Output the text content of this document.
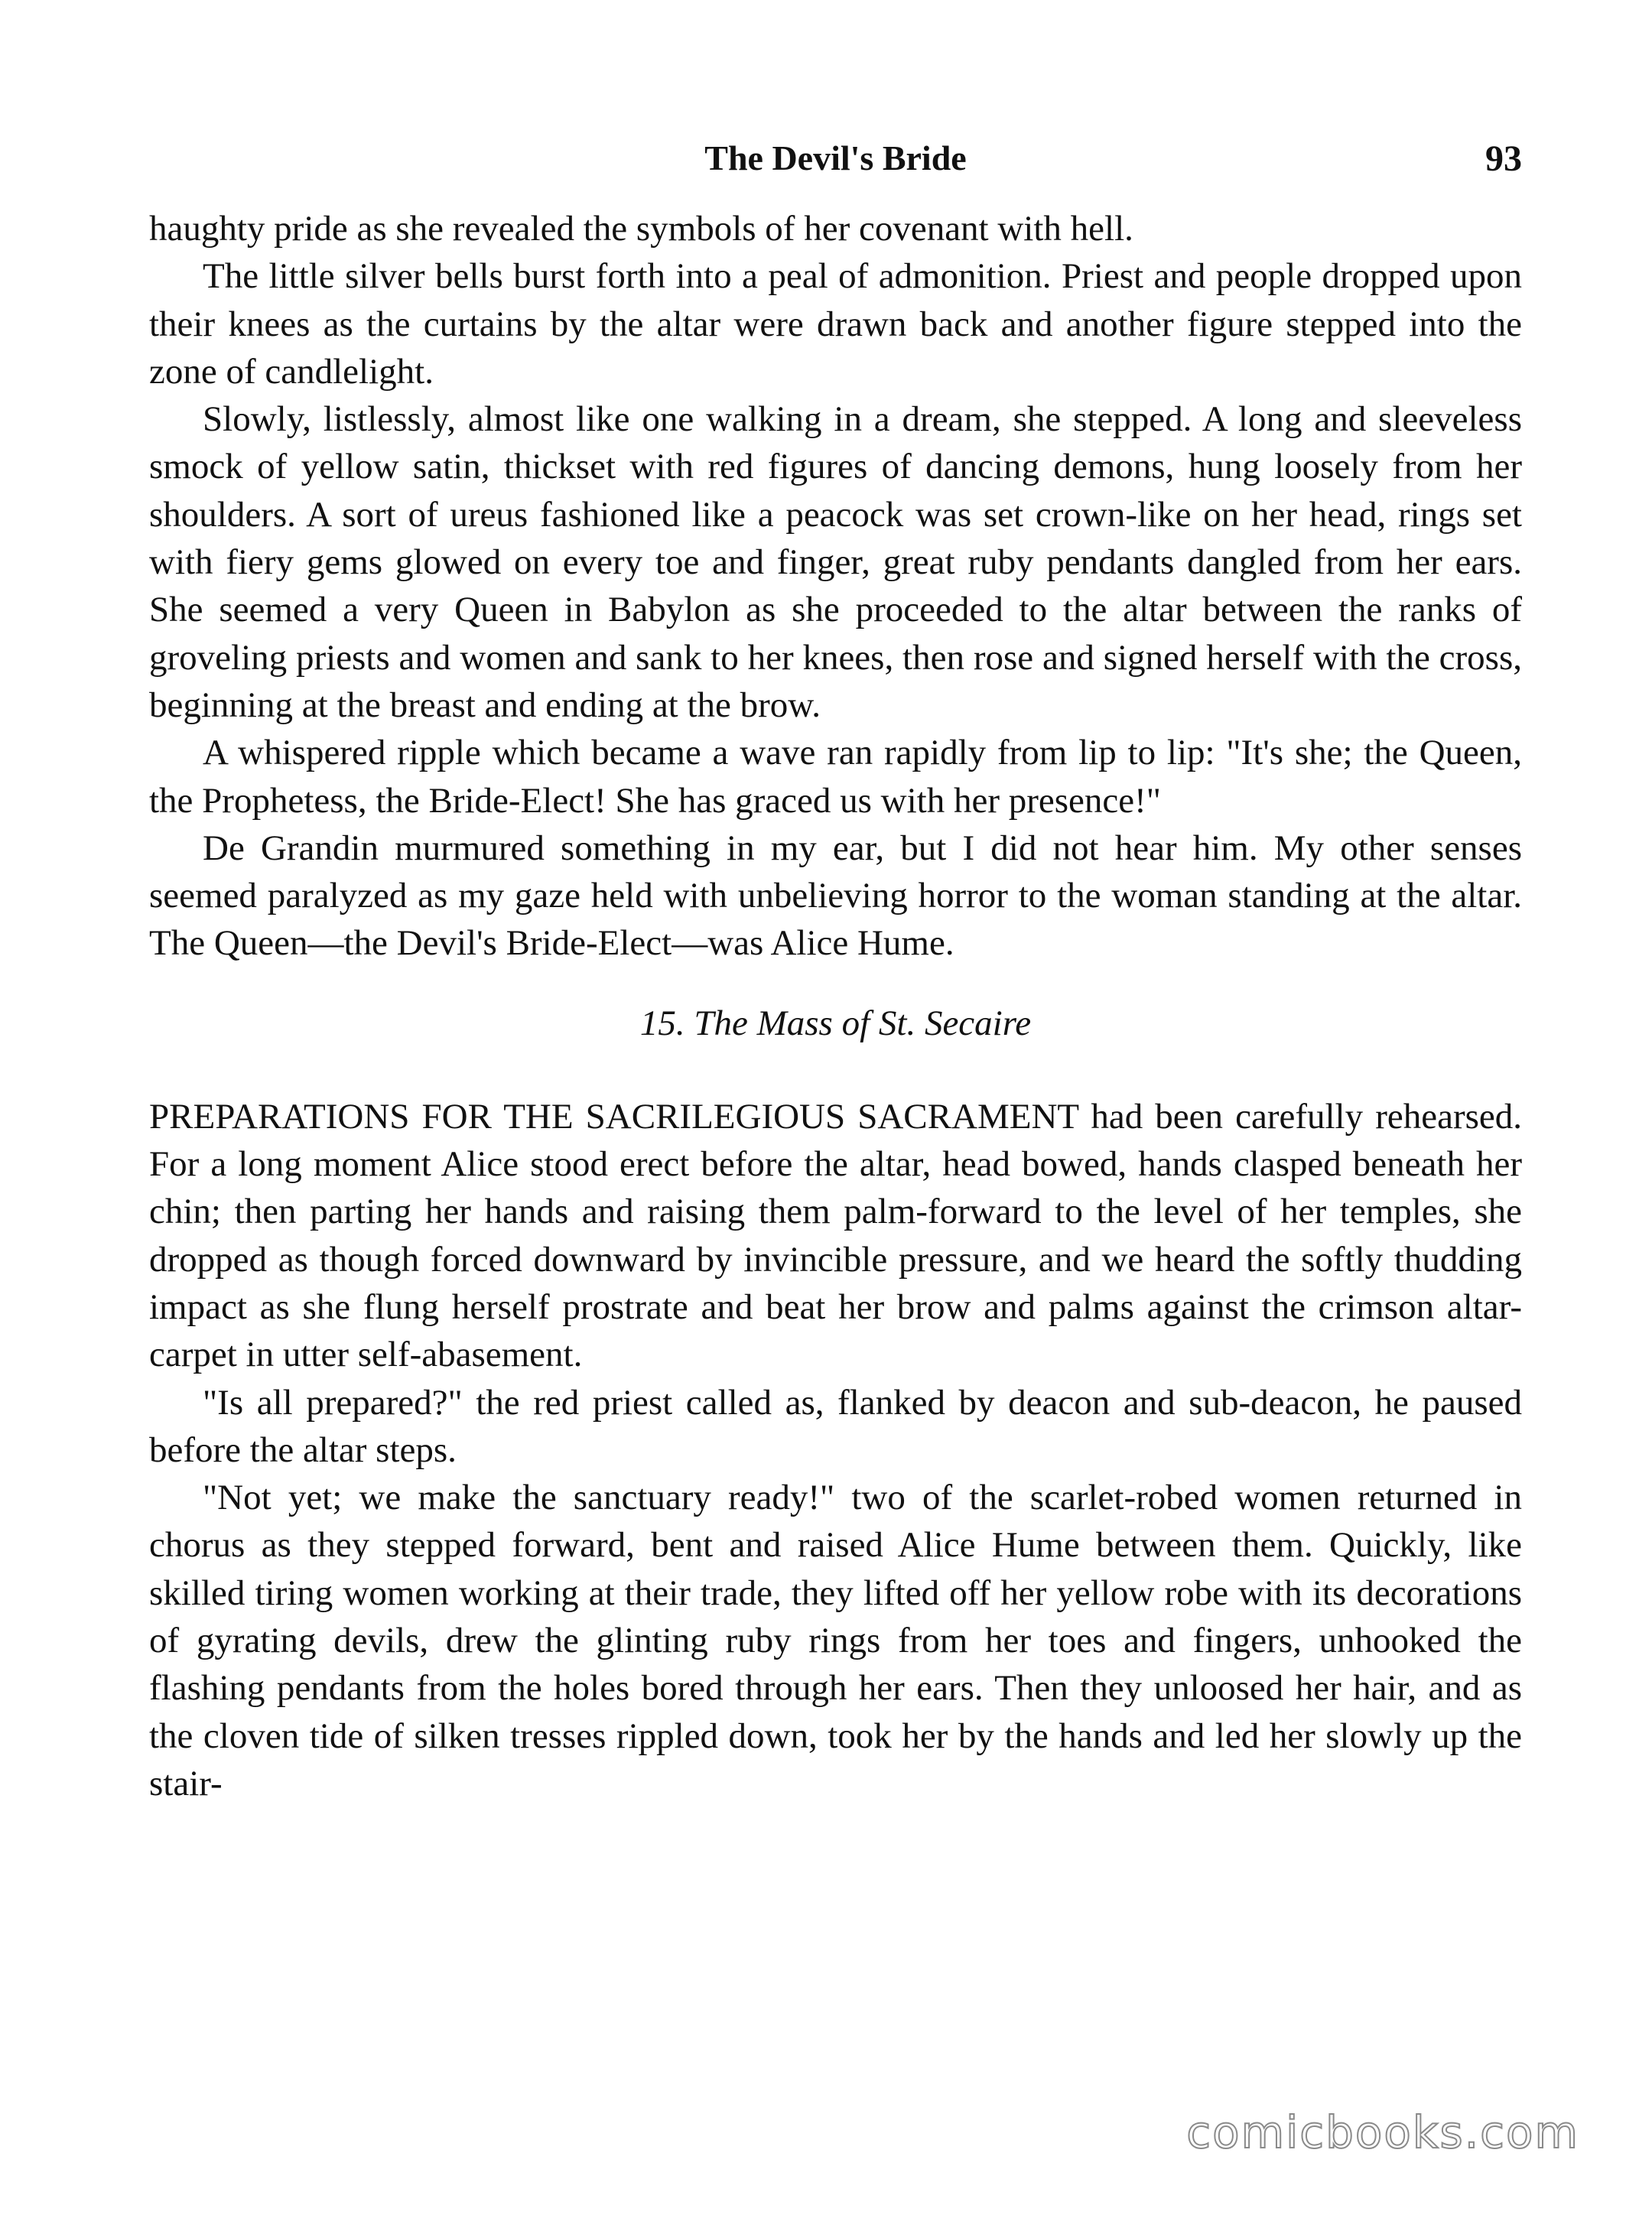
The Devil's Bride	93

haughty pride as she revealed the symbols of her covenant with hell.

The little silver bells burst forth into a peal of admonition. Priest and people dropped upon their knees as the curtains by the altar were drawn back and another figure stepped into the zone of candlelight.

Slowly, listlessly, almost like one walking in a dream, she stepped. A long and sleeveless smock of yellow satin, thickset with red figures of dancing demons, hung loosely from her shoulders. A sort of ureus fashioned like a peacock was set crown-like on her head, rings set with fiery gems glowed on every toe and finger, great ruby pendants dangled from her ears. She seemed a very Queen in Babylon as she proceeded to the altar between the ranks of groveling priests and women and sank to her knees, then rose and signed herself with the cross, beginning at the breast and ending at the brow.

A whispered ripple which became a wave ran rapidly from lip to lip: "It's she; the Queen, the Prophetess, the Bride-Elect! She has graced us with her presence!"

De Grandin murmured something in my ear, but I did not hear him. My other senses seemed paralyzed as my gaze held with unbelieving horror to the woman standing at the altar. The Queen—the Devil's Bride-Elect—was Alice Hume.

15. The Mass of St. Secaire

PREPARATIONS FOR THE SACRILEGIOUS SACRAMENT had been carefully rehearsed. For a long moment Alice stood erect before the altar, head bowed, hands clasped beneath her chin; then parting her hands and raising them palm-forward to the level of her temples, she dropped as though forced downward by invincible pressure, and we heard the softly thudding impact as she flung herself prostrate and beat her brow and palms against the crimson altar-carpet in utter self-abasement.

"Is all prepared?" the red priest called as, flanked by deacon and sub-deacon, he paused before the altar steps.

"Not yet; we make the sanctuary ready!" two of the scarlet-robed women returned in chorus as they stepped forward, bent and raised Alice Hume between them. Quickly, like skilled tiring women working at their trade, they lifted off her yellow robe with its decorations of gyrating devils, drew the glinting ruby rings from her toes and fingers, unhooked the flashing pendants from the holes bored through her ears. Then they unloosed her hair, and as the cloven tide of silken tresses rippled down, took her by the hands and led her slowly up the stair-

comicbooks.com
